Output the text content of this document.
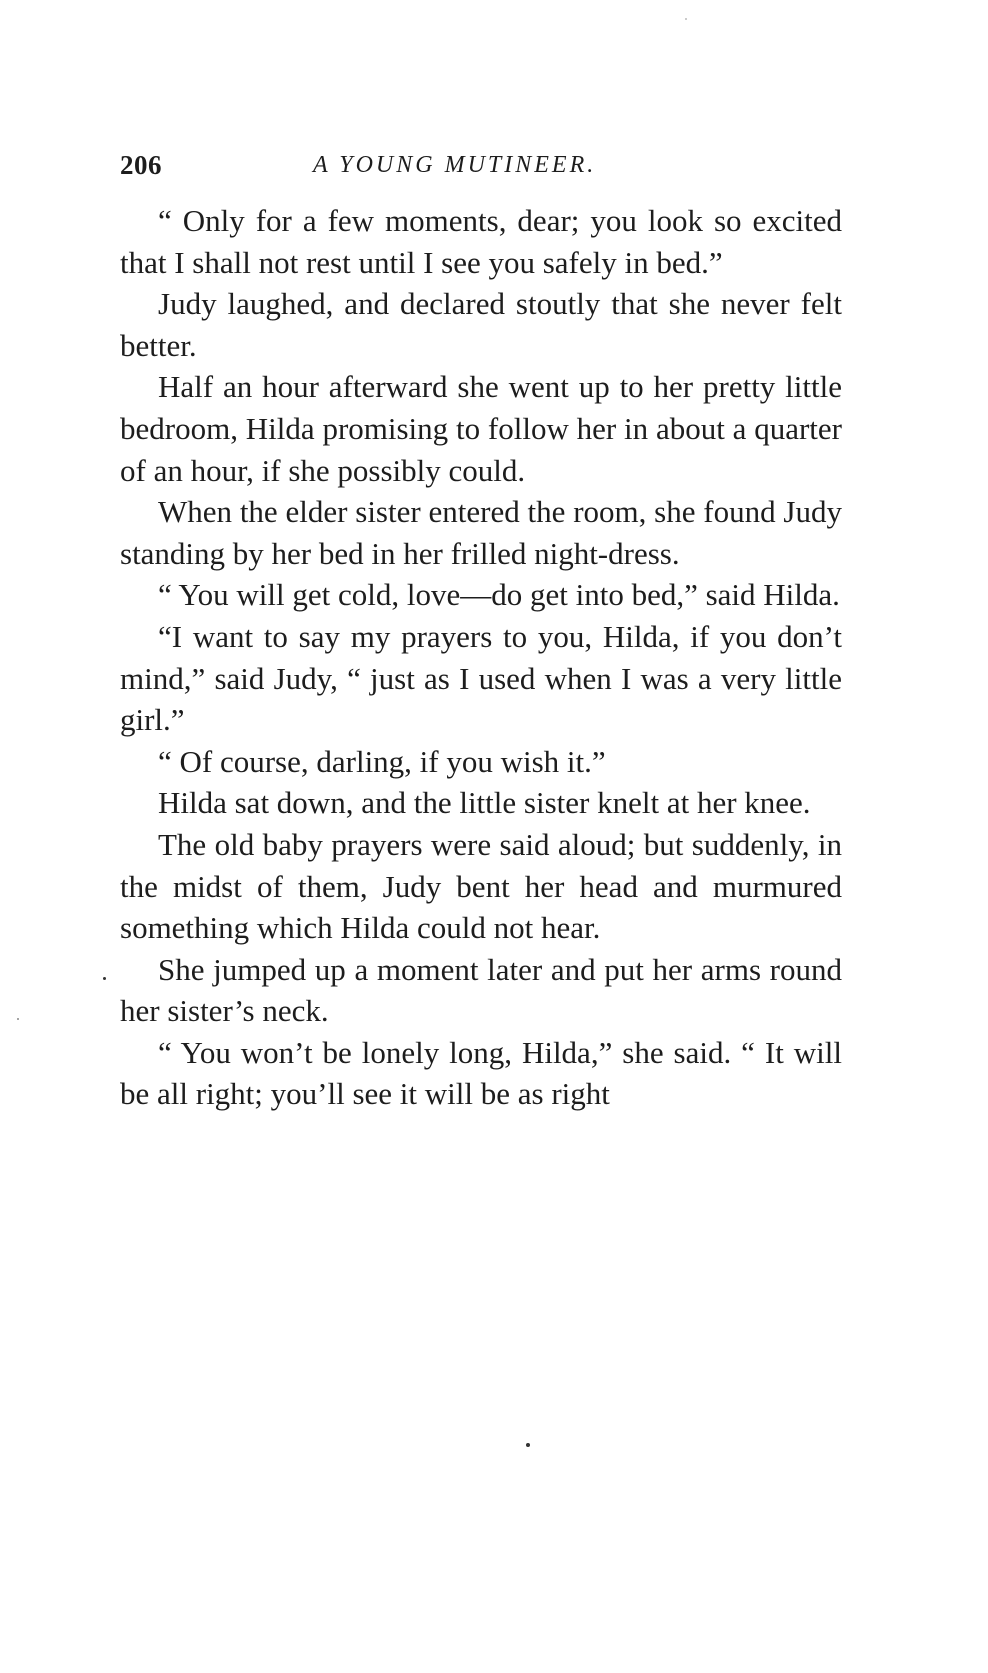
206	A YOUNG MUTINEER.

“ Only for a few moments, dear; you look so excited that I shall not rest until I see you safely in bed.”

Judy laughed, and declared stoutly that she never felt better.

Half an hour afterward she went up to her pretty little bedroom, Hilda promising to follow her in about a quarter of an hour, if she possibly could.

When the elder sister entered the room, she found Judy standing by her bed in her frilled night-dress.

“ You will get cold, love—do get into bed,” said Hilda.

“I want to say my prayers to you, Hilda, if you don’t mind,” said Judy, “ just as I used when I was a very little girl.”

“ Of course, darling, if you wish it.”

Hilda sat down, and the little sister knelt at her knee.

The old baby prayers were said aloud; but suddenly, in the midst of them, Judy bent her head and murmured something which Hilda could not hear.

She jumped up a moment later and put her arms round her sister’s neck.

“ You won’t be lonely long, Hilda,” she said. “ It will be all right; you’ll see it will be as right
